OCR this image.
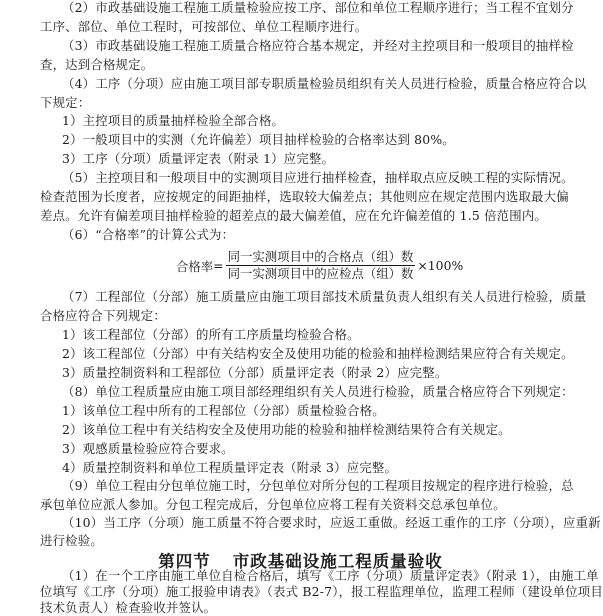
（2）市政基础设施工程施工质量检验应按工序、部位和单位工程顺序进行；当工程不宜划分
工序、部位、单位工程时，可按部位、单位工程顺序进行。
（3）市政基础设施工程施工质量合格应符合基本规定，并经对主控项目和一般项目的抽样检
查，达到合格规定。
（4）工序（分项）应由施工项目部专职质量检验员组织有关人员进行检验，质量合格应符合以
下规定：
1）主控项目的质量抽样检验全部合格。
2）一般项目中的实测（允许偏差）项目抽样检验的合格率达到 80%。
3）工序（分项）质量评定表（附录 1）应完整。
（5）主控项目和一般项目中的实测项目应进行抽样检查，抽样取点应反映工程的实际情况。
检查范围为长度者，应按规定的间距抽样，选取较大偏差点；其他则应在规定范围内选取最大偏
差点。允许有偏差项目抽样检验的超差点的最大偏差值，应在允许偏差值的 1.5 倍范围内。
（6）“合格率”的计算公式为：
合格率 = $\frac{\text{同一实测项目中的合格点（组）数}}{\text{同一实测项目中的应检点（组）数}} \times 100\%$
（7）工程部位（分部）施工质量应由施工项目部技术质量负责人组织有关人员进行检验，质量
合格应符合下列规定：
1）该工程部位（分部）的所有工序质量均检验合格。
2）该工程部位（分部）中有关结构安全及使用功能的检验和抽样检测结果应符合有关规定。
3）质量控制资料和工程部位（分部）质量评定表（附录 2）应完整。
（8）单位工程质量应由施工项目部经理组织有关人员进行检验，质量合格应符合下列规定：
1）该单位工程中所有的工程部位（分部）质量检验合格。
2）该单位工程中有关结构安全及使用功能的检验和抽样检测结果符合有关规定。
3）观感质量检验应符合要求。
4）质量控制资料和单位工程质量评定表（附录 3）应完整。
（9）单位工程由分包单位施工时，分包单位对所分包的工程项目按规定的程序进行检验，总
承包单位应派人参加。分包工程完成后，分包单位应将工程有关资料交总承包单位。
（10）当工序（分项）施工质量不符合要求时，应返工重做。经返工重作的工序（分项），应重新
第四节 市政基础设施工程质量验收
（1）在一个工序由施工单位自检合格后，填写《工序（分项）质量评定表》（附录 1），由施工单
位填写《工序（分项）施工报验申请表》（表式 B2-7），报工程监理单位，监理工程师（建设单位项目
技术负责人）检查验收并签认。
进行检验。
